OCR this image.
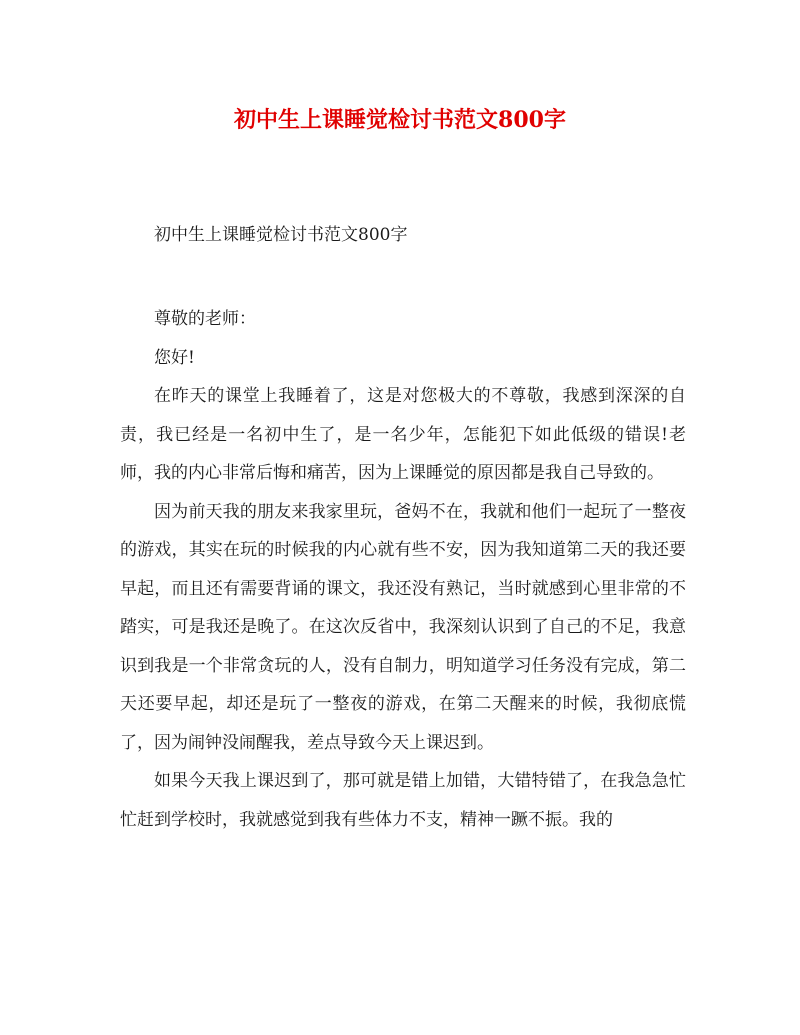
初中生上课睡觉检讨书范文800字

初中生上课睡觉检讨书范文800字

尊敬的老师：

您好!

在昨天的课堂上我睡着了，这是对您极大的不尊敬，我感到深深的自责，我已经是一名初中生了，是一名少年，怎能犯下如此低级的错误!老师，我的内心非常后悔和痛苦，因为上课睡觉的原因都是我自己导致的。

因为前天我的朋友来我家里玩，爸妈不在，我就和他们一起玩了一整夜的游戏，其实在玩的时候我的内心就有些不安，因为我知道第二天的我还要早起，而且还有需要背诵的课文，我还没有熟记，当时就感到心里非常的不踏实，可是我还是晚了。在这次反省中，我深刻认识到了自己的不足，我意识到我是一个非常贪玩的人，没有自制力，明知道学习任务没有完成，第二天还要早起，却还是玩了一整夜的游戏，在第二天醒来的时候，我彻底慌了，因为闹钟没闹醒我，差点导致今天上课迟到。

如果今天我上课迟到了，那可就是错上加错，大错特错了，在我急急忙忙赶到学校时，我就感觉到我有些体力不支，精神一蹶不振。我的
